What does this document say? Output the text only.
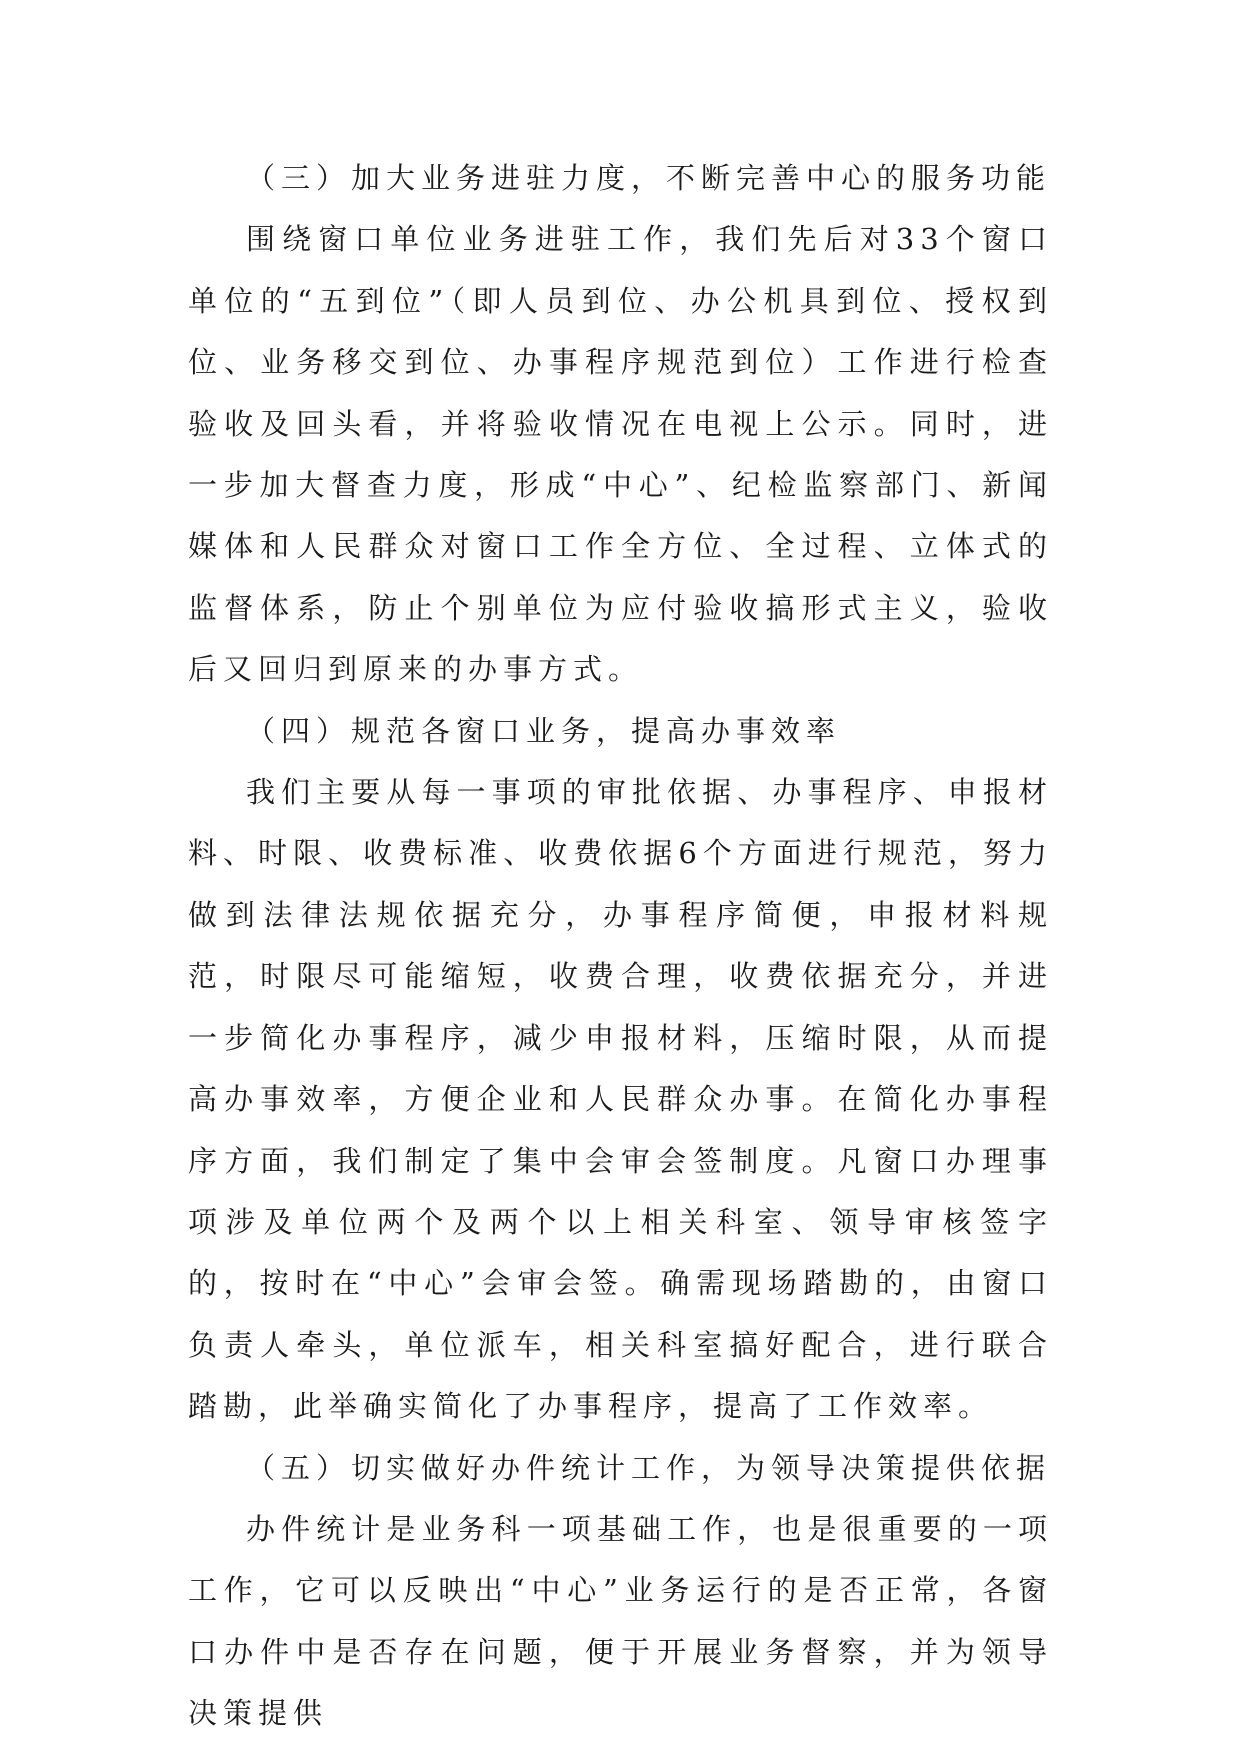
（三）加大业务进驻力度，不断完善中心的服务功能

围绕窗口单位业务进驻工作，我们先后对33个窗口单位的“五到位”（即人员到位、办公机具到位、授权到位、业务移交到位、办事程序规范到位）工作进行检查验收及回头看，并将验收情况在电视上公示。同时，进一步加大督查力度，形成“中心”、纪检监察部门、新闻媒体和人民群众对窗口工作全方位、全过程、立体式的监督体系，防止个别单位为应付验收搞形式主义，验收后又回归到原来的办事方式。

（四）规范各窗口业务，提高办事效率

我们主要从每一事项的审批依据、办事程序、申报材料、时限、收费标准、收费依据6个方面进行规范，努力做到法律法规依据充分，办事程序简便，申报材料规范，时限尽可能缩短，收费合理，收费依据充分，并进一步简化办事程序，减少申报材料，压缩时限，从而提高办事效率，方便企业和人民群众办事。在简化办事程序方面，我们制定了集中会审会签制度。凡窗口办理事项涉及单位两个及两个以上相关科室、领导审核签字的，按时在“中心”会审会签。确需现场踏勘的，由窗口负责人牵头，单位派车，相关科室搞好配合，进行联合踏勘，此举确实简化了办事程序，提高了工作效率。

（五）切实做好办件统计工作，为领导决策提供依据

办件统计是业务科一项基础工作，也是很重要的一项工作，它可以反映出“中心”业务运行的是否正常，各窗口办件中是否存在问题，便于开展业务督察，并为领导决策提供
